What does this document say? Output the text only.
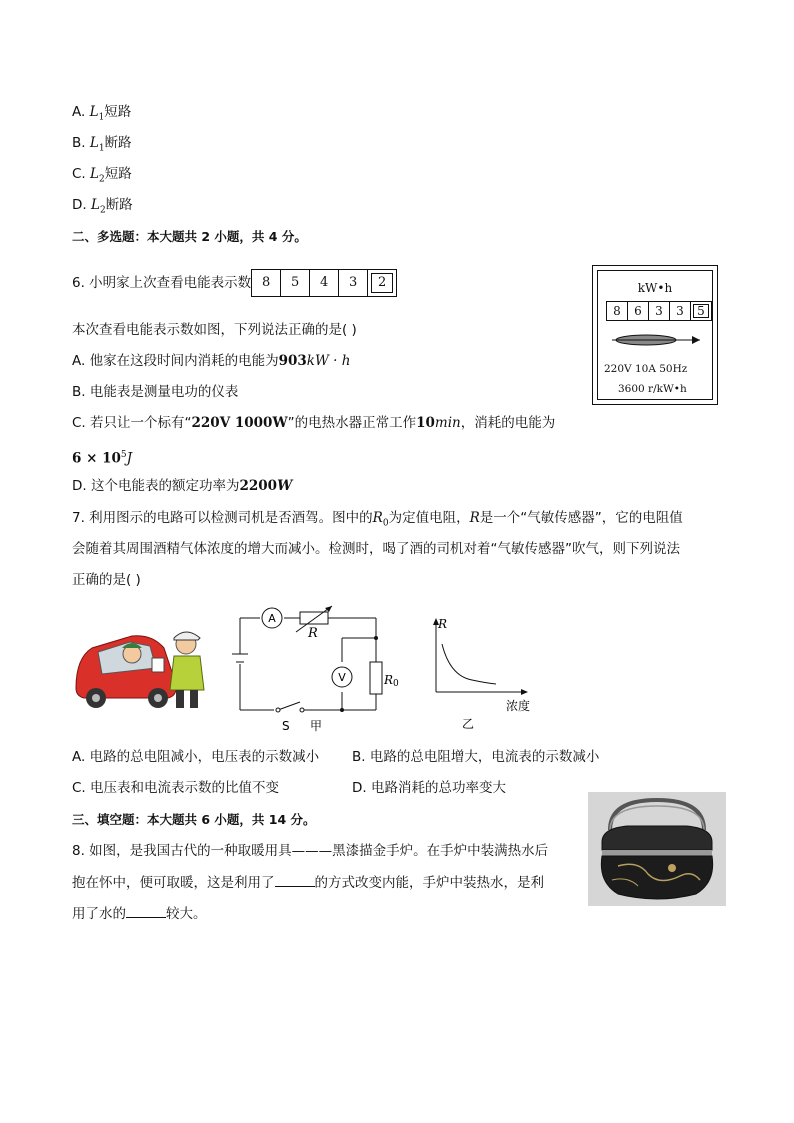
A. $L_1$短路
B. $L_1$断路
C. $L_2$短路
D. $L_2$断路
二、多选题：本大题共 2 小题，共 4 分。
6. 小明家上次查看电能表示数 8	5	4	3	2
本次查看电能表示数如图，下列说法正确的是( )
A. 他家在这段时间内消耗的电能为903kW · h
B. 电能表是测量电功的仪表
C. 若只让一个标有“220V 1000W”的电热水器正常工作10min，消耗的电能为
$6 \times 10^5J$
D. 这个电能表的额定功率为2200W
kW•h
8	6	3	3	5
220V 10A 50Hz
3600 r/kW•h
7. 利用图示的电路可以检测司机是否酒驾。图中的$R_0$为定值电阻，R是一个“气敏传感器”，它的电阻值
会随着其周围酒精气体浓度的增大而减小。检测时，喝了酒的司机对着“气敏传感器”吹气，则下列说法
正确的是( )
A
V
R
R0
S 甲
R
浓度
乙
A. 电路的总电阻减小，电压表的示数减小 B. 电路的总电阻增大，电流表的示数减小
C. 电压表和电流表示数的比值不变	D. 电路消耗的总功率变大
三、填空题：本大题共 6 小题，共 14 分。
8. 如图，是我国古代的一种取暖用具———黑漆描金手炉。在手炉中装满热水后
抱在怀中，便可取暖，这是利用了	的方式改变内能，手炉中装热水，是利
用了水的	较大。
